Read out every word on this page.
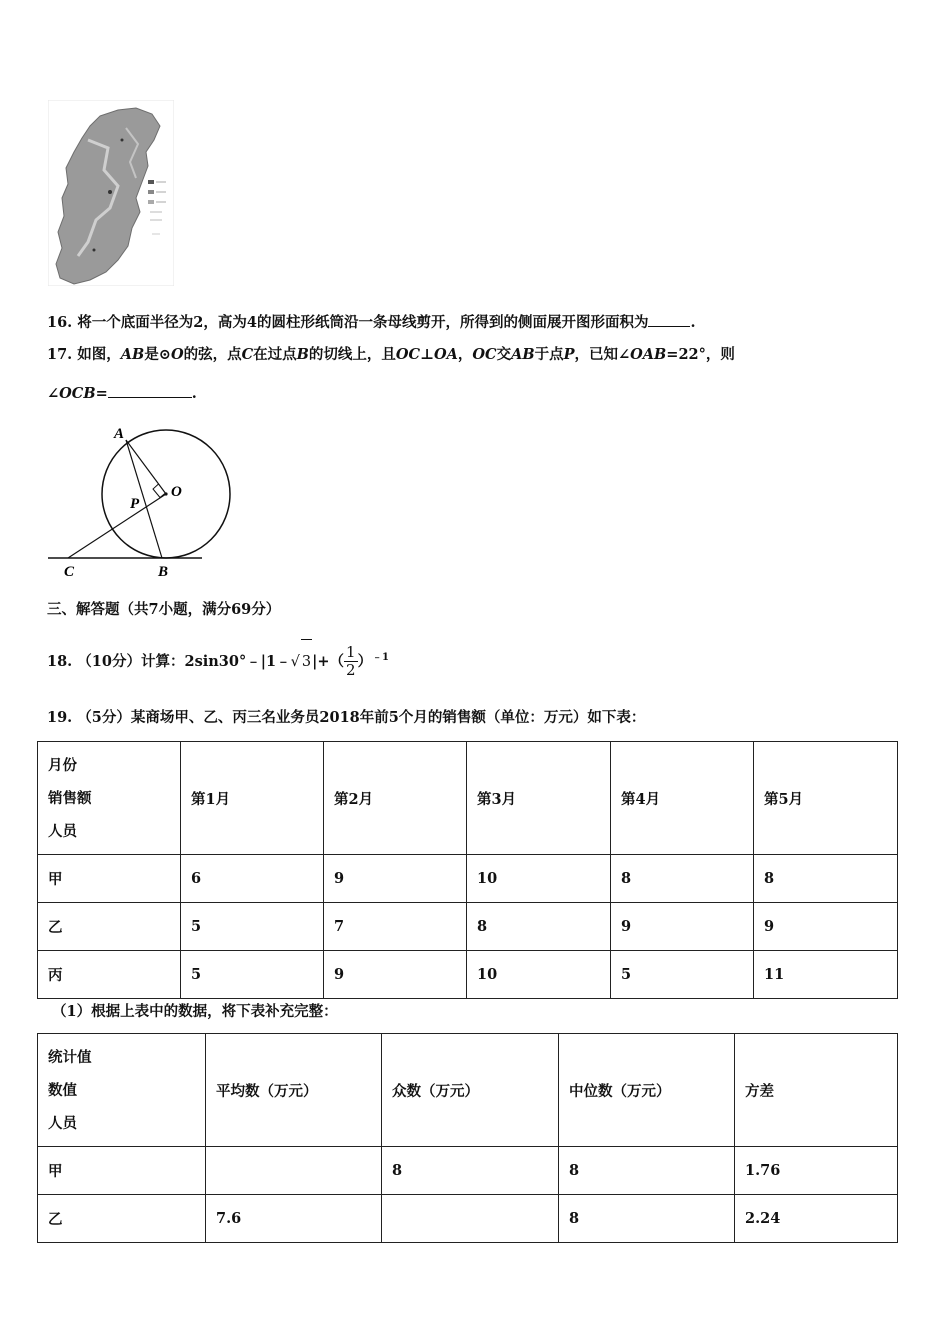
16. 将一个底面半径为2，高为4的圆柱形纸筒沿一条母线剪开，所得到的侧面展开图形面积为	.
17. 如图，AB是⊙O的弦，点C在过点B的切线上，且OC⊥OA，OC交AB于点P，已知∠OAB=22°，则
∠OCB=	.
A
O
P
C	B
三、解答题（共7小题，满分69分）
18. （10分）计算：2sin30°﹣|1﹣√ $3|+( \frac{1}{2} )^{﹣1}$
19. （5分）某商场甲、乙、丙三名业务员2018年前5个月的销售额（单位：万元）如下表：
月份
销售额
人员	第1月	第2月	第3月	第4月	第5月
甲	6	9	10	8	8
乙	5	7	8	9	9
丙	5	9	10	5	11
（1）根据上表中的数据，将下表补充完整：
统计值
数值
人员	平均数（万元）	众数（万元）	中位数（万元）	方差
甲		8	8	1.76
乙	7.6		8	2.24
